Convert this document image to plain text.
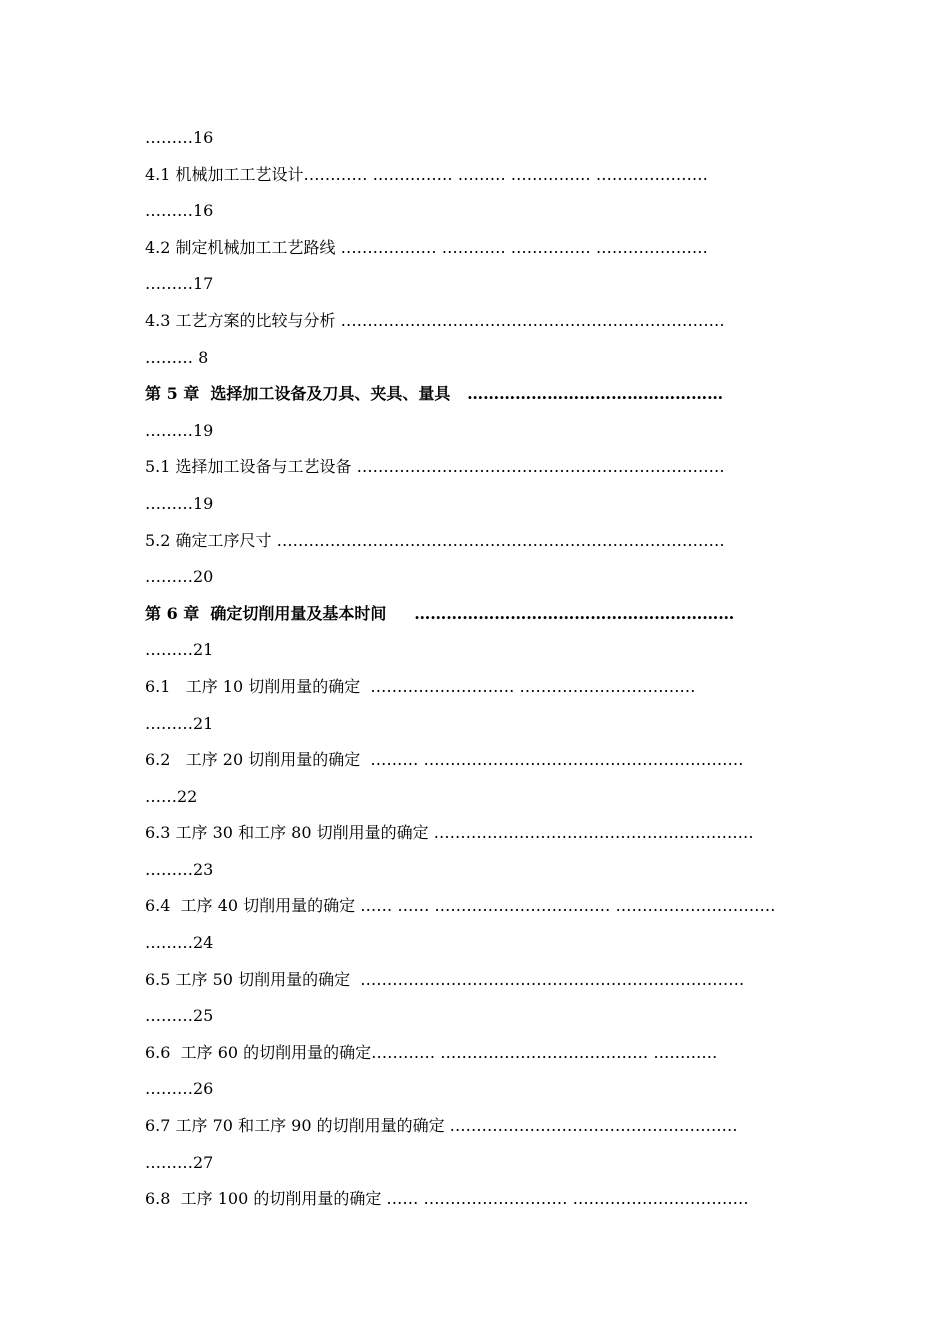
………16
4.1 机械加工工艺设计………… …………… ……… …………… …………………
………16
4.2 制定机械加工工艺路线 ……………… ………… …………… …………………
………17
4.3 工艺方案的比较与分析 ………………………………………………………………
……… 8
第 5 章  选择加工设备及刀具、夹具、量具   …………………………………………
………19
5.1 选择加工设备与工艺设备 ……………………………………………………………
………19
5.2 确定工序尺寸 …………………………………………………………………………
………20
第 6 章  确定切削用量及基本时间     ……………………………………………………
………21
6.1   工序 10 切削用量的确定  ……………………… ……………………………
………21
6.2   工序 20 切削用量的确定  ……… ……………………………………………………
……22
6.3 工序 30 和工序 80 切削用量的确定 ……………………………………………………
………23
6.4  工序 40 切削用量的确定 …… …… …………………………… …………………………
………24
6.5 工序 50 切削用量的确定  ………………………………………………………………
………25
6.6  工序 60 的切削用量的确定………… ………………………………… …………
………26
6.7 工序 70 和工序 90 的切削用量的确定 ………………………………………………
………27
6.8  工序 100 的切削用量的确定 …… ……………………… ……………………………
